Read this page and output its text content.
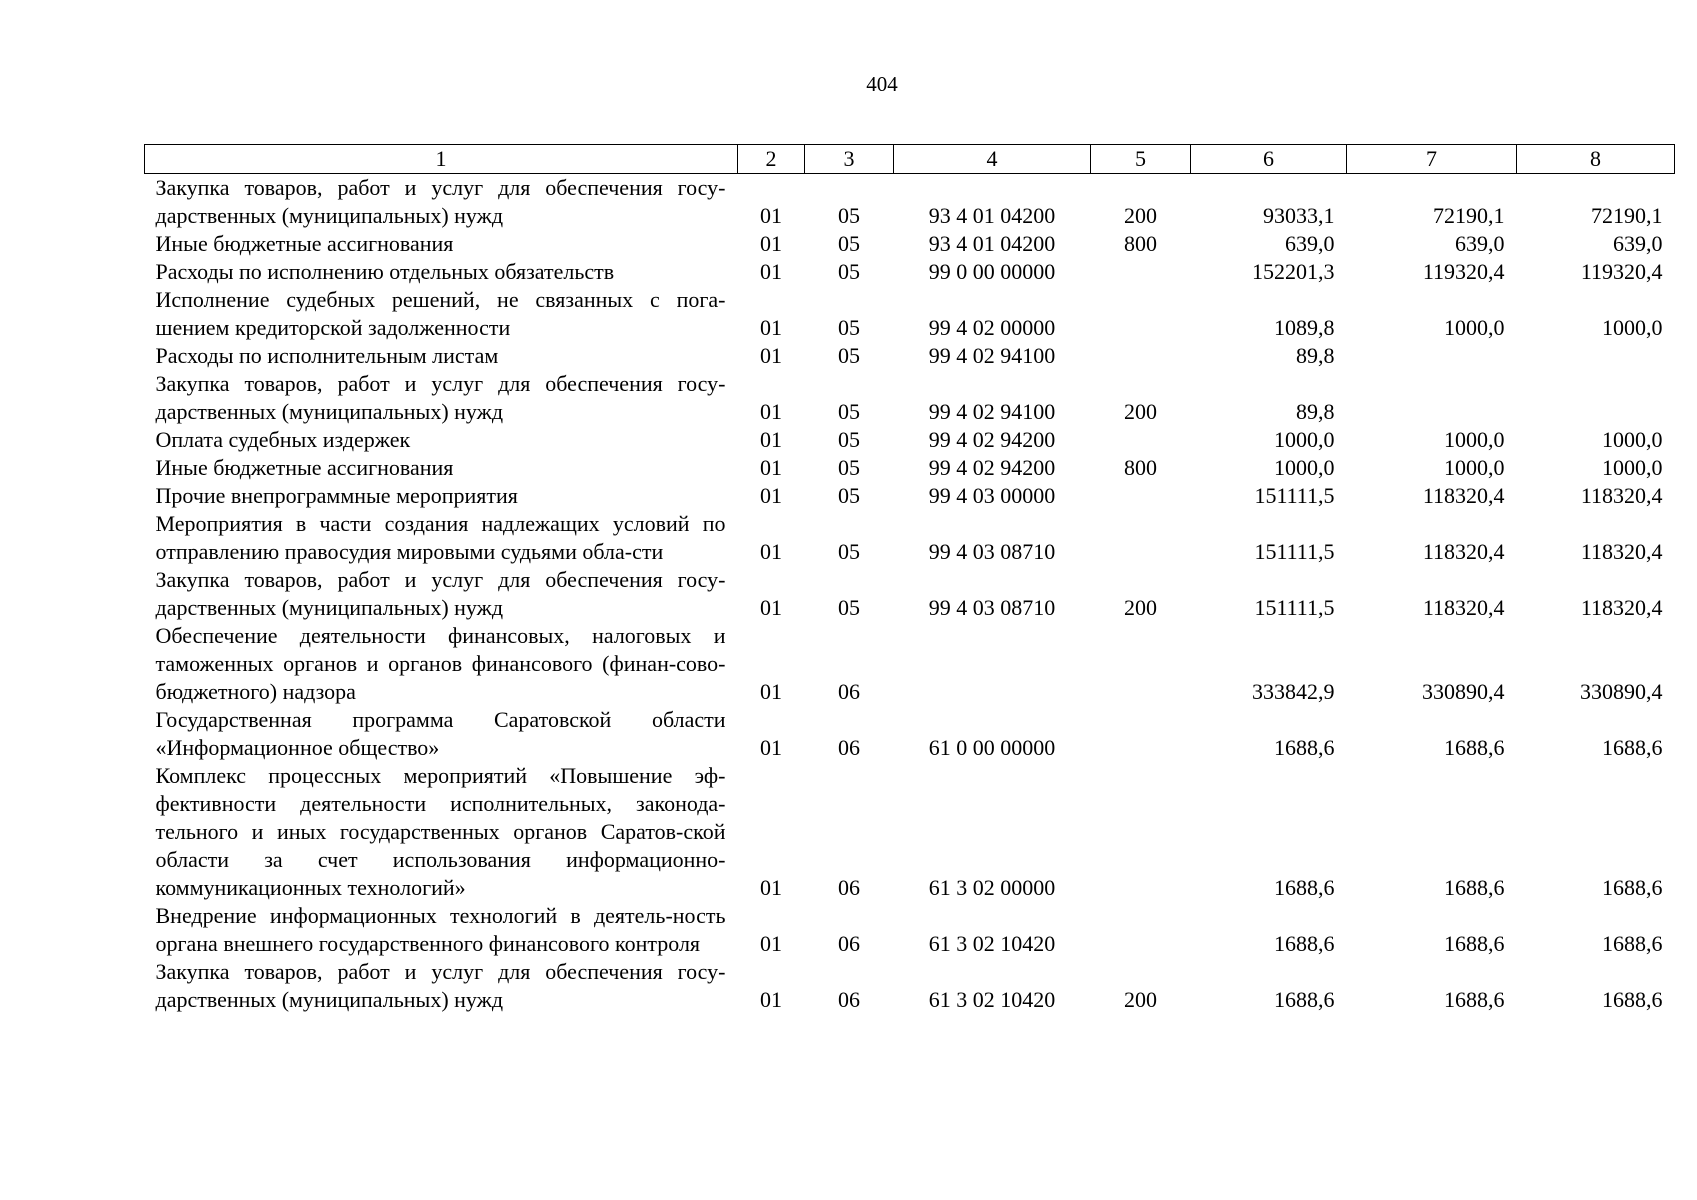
404
1	2	3	4	5	6	7	8
Закупка товаров, работ и услуг для обеспечения госу-дарственных (муниципальных) нужд	01	05	93 4 01 04200	200	93033,1	72190,1	72190,1
Иные бюджетные ассигнования	01	05	93 4 01 04200	800	639,0	639,0	639,0
Расходы по исполнению отдельных обязательств	01	05	99 0 00 00000		152201,3	119320,4	119320,4
Исполнение судебных решений, не связанных с пога-шением кредиторской задолженности	01	05	99 4 02 00000		1089,8	1000,0	1000,0
Расходы по исполнительным листам	01	05	99 4 02 94100		89,8		
Закупка товаров, работ и услуг для обеспечения госу-дарственных (муниципальных) нужд	01	05	99 4 02 94100	200	89,8		
Оплата судебных издержек	01	05	99 4 02 94200		1000,0	1000,0	1000,0
Иные бюджетные ассигнования	01	05	99 4 02 94200	800	1000,0	1000,0	1000,0
Прочие внепрограммные мероприятия	01	05	99 4 03 00000		151111,5	118320,4	118320,4
Мероприятия в части создания надлежащих условий по отправлению правосудия мировыми судьями обла-сти	01	05	99 4 03 08710		151111,5	118320,4	118320,4
Закупка товаров, работ и услуг для обеспечения госу-дарственных (муниципальных) нужд	01	05	99 4 03 08710	200	151111,5	118320,4	118320,4
Обеспечение деятельности финансовых, налоговых и таможенных органов и органов финансового (финан-сово-бюджетного) надзора	01	06			333842,9	330890,4	330890,4
Государственная программа Саратовской области «Информационное общество»	01	06	61 0 00 00000		1688,6	1688,6	1688,6
Комплекс процессных мероприятий «Повышение эф-фективности деятельности исполнительных, законода-тельного и иных государственных органов Саратов-ской области за счет использования информационно-коммуникационных технологий»	01	06	61 3 02 00000		1688,6	1688,6	1688,6
Внедрение информационных технологий в деятель-ность органа внешнего государственного финансового контроля	01	06	61 3 02 10420		1688,6	1688,6	1688,6
Закупка товаров, работ и услуг для обеспечения госу-дарственных (муниципальных) нужд	01	06	61 3 02 10420	200	1688,6	1688,6	1688,6
